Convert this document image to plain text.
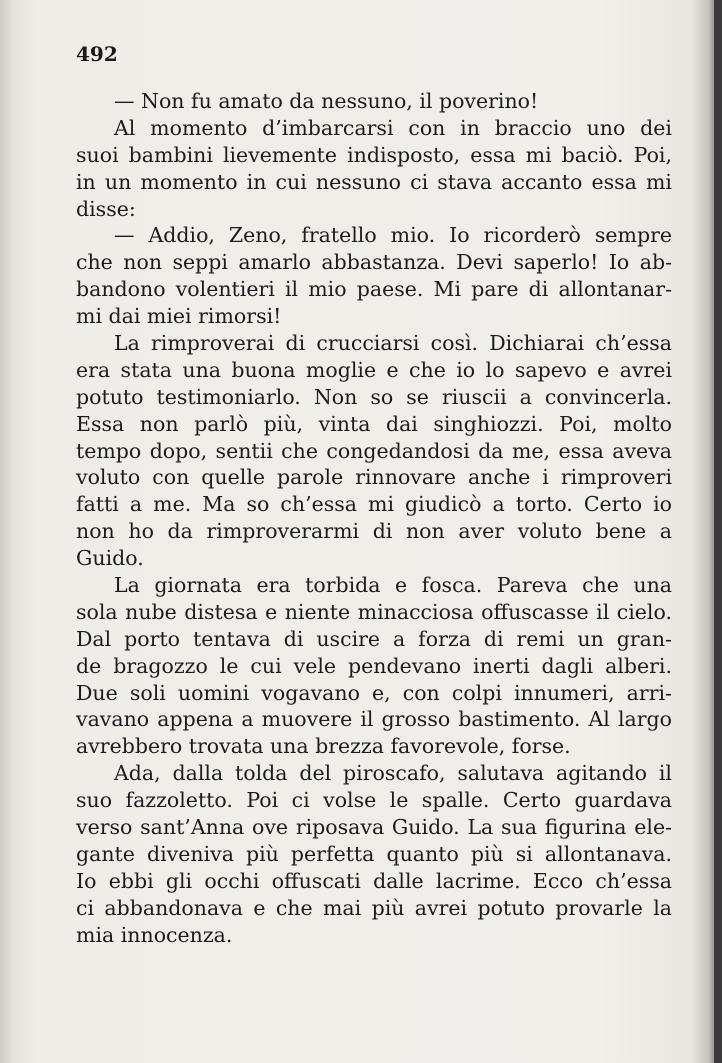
492

— Non fu amato da nessuno, il poverino!
Al momento d’imbarcarsi con in braccio uno dei
suoi bambini lievemente indisposto, essa mi baciò. Poi,
in un momento in cui nessuno ci stava accanto essa mi
disse:
— Addio, Zeno, fratello mio. Io ricorderò sempre
che non seppi amarlo abbastanza. Devi saperlo! Io ab-
bandono volentieri il mio paese. Mi pare di allontanar-
mi dai miei rimorsi!
La rimproverai di crucciarsi così. Dichiarai ch’essa
era stata una buona moglie e che io lo sapevo e avrei
potuto testimoniarlo. Non so se riuscii a convincerla.
Essa non parlò più, vinta dai singhiozzi. Poi, molto
tempo dopo, sentii che congedandosi da me, essa aveva
voluto con quelle parole rinnovare anche i rimproveri
fatti a me. Ma so ch’essa mi giudicò a torto. Certo io
non ho da rimproverarmi di non aver voluto bene a
Guido.
La giornata era torbida e fosca. Pareva che una
sola nube distesa e niente minacciosa offuscasse il cielo.
Dal porto tentava di uscire a forza di remi un gran-
de bragozzo le cui vele pendevano inerti dagli alberi.
Due soli uomini vogavano e, con colpi innumeri, arri-
vavano appena a muovere il grosso bastimento. Al largo
avrebbero trovata una brezza favorevole, forse.
Ada, dalla tolda del piroscafo, salutava agitando il
suo fazzoletto. Poi ci volse le spalle. Certo guardava
verso sant’Anna ove riposava Guido. La sua figurina ele-
gante diveniva più perfetta quanto più si allontanava.
Io ebbi gli occhi offuscati dalle lacrime. Ecco ch’essa
ci abbandonava e che mai più avrei potuto provarle la
mia innocenza.
